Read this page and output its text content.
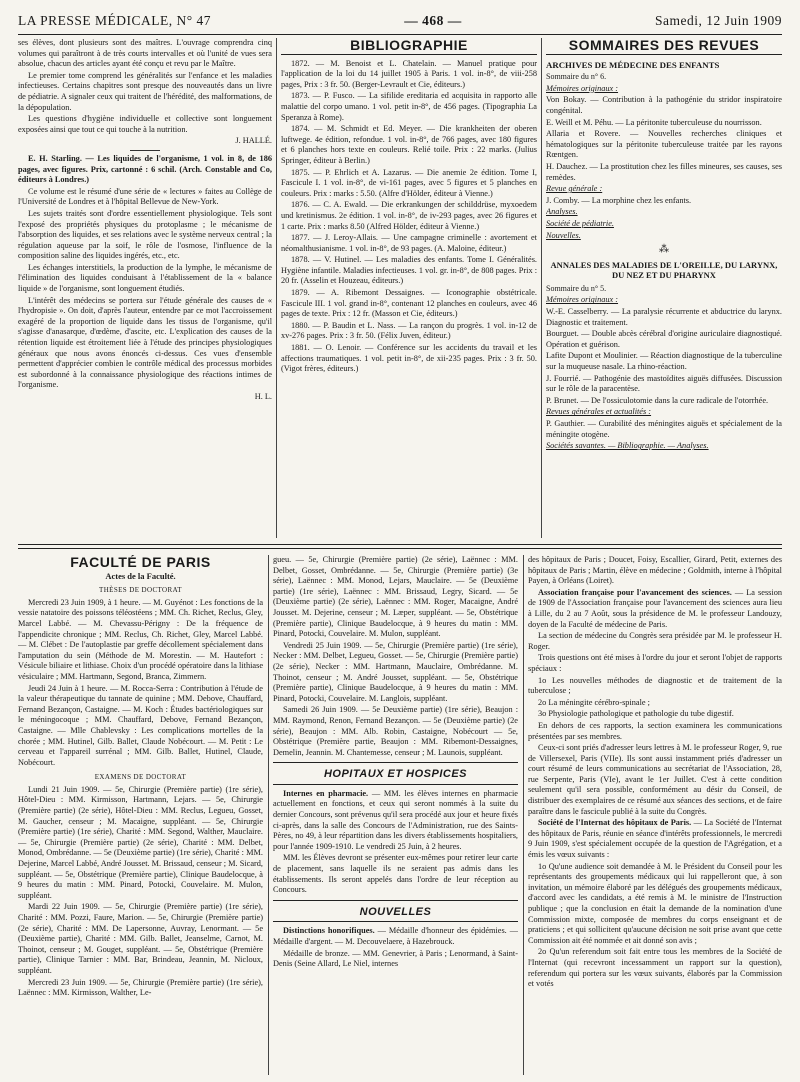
LA PRESSE MÉDICALE, N° 47	— 468 —	Samedi, 12 Juin 1909

ses élèves, dont plusieurs sont des maîtres. L'ouvrage comprendra cinq volumes qui paraîtront à de très courts intervalles et où l'unité de vues sera absolue, chacun des articles ayant été conçu et revu par le Maître.

Le premier tome comprend les généralités sur l'enfance et les maladies infectieuses. Certains chapitres sont presque des nouveautés dans un livre de pédiatrie. A signaler ceux qui traitent de l'hérédité, des malformations, de la dépopulation.

Les questions d'hygiène individuelle et collective sont longuement exposées ainsi que tout ce qui touche à la nutrition.

J. HALLÉ.

E. H. Starling. — Les liquides de l'organisme, 1 vol. in 8, de 186 pages, avec figures. Prix, cartonné : 6 schil. (Arch. Constable and Co, éditeurs à Londres.)

Ce volume est le résumé d'une série de « lectures » faites au Collège de l'Université de Londres et à l'hôpital Bellevue de New-York.

Les sujets traités sont d'ordre essentiellement physiologique. Tels sont l'exposé des propriétés physiques du protoplasme ; le mécanisme de l'absorption des liquides, et ses relations avec le système nerveux central ; la régulation aqueuse par la soif, le rôle de l'osmose, l'influence de la composition saline des liquides ingérés, etc., etc.

Les échanges interstitiels, la production de la lymphe, le mécanisme de l'élimination des liquides conduisant à l'établissement de la « balance liquide » de l'organisme, sont longuement étudiés.

L'intérêt des médecins se portera sur l'étude générale des causes de « l'hydropisie ». On doit, d'après l'auteur, entendre par ce mot l'accroissement exagéré de la proportion de liquide dans les tissus de l'organisme, qu'il s'agisse d'anasarque, d'œdème, d'ascite, etc. L'explication des causes de la rétention liquide est étroitement liée à l'étude des principes physiologiques généraux que nous avons énoncés ci-dessus. Ces vues d'ensemble permettent d'apprécier combien le contrôle médical des processus morbides est subordonné à la connaissance physiologique des réactions intimes de l'organisme.

H. L.

BIBLIOGRAPHIE

1872. — M. Benoist et L. Chatelain. — Manuel pratique pour l'application de la loi du 14 juillet 1905 à Paris. 1 vol. in-8°, de viii-258 pages, Prix : 3 fr. 50. (Berger-Levrault et Cie, éditeurs.)

1873. — P. Fusco. — La sifilide ereditaria ed acquisita in rapporto alle malattie del corpo umano. 1 vol. petit in-8°, de 456 pages. (Tipographia La Speranza à Rome).

1874. — M. Schmidt et Ed. Meyer. — Die krankheiten der oberen luftwege. 4e édition, refondue. 1 vol. in-8°, de 766 pages, avec 180 figures et 6 planches hors texte en couleurs. Relié toile. Prix : 22 marks. (Julius Springer, éditeur à Berlin.)

1875. — P. Ehrlich et A. Lazarus. — Die anemie 2e édition. Tome I, Fascicule I. 1 vol. in-8°, de vi-161 pages, avec 5 figures et 5 planches en couleurs. Prix : marks : 5.50. (Alfre d'Hölder, éditeur à Vienne.)

1876. — C. A. Ewald. — Die erkrankungen der schilddrüse, myxoedem und kretinismus. 2e édition. 1 vol. in-8°, de iv-293 pages, avec 26 figures et 1 carte. Prix : marks 8.50 (Alfred Hölder, éditeur à Vienne.)

1877. — J. Leroy-Allais. — Une campagne criminelle : avortement et néomalthusianisme. 1 vol. in-8°, de 93 pages. (A. Maloine, éditeur.)

1878. — V. Hutinel. — Les maladies des enfants. Tome I. Généralités. Hygiène infantile. Maladies infectieuses. 1 vol. gr. in-8°, de 808 pages. Prix : 20 fr. (Asselin et Houzeau, éditeurs.)

1879. — A. Ribemont Dessaignes. — Iconographie obstétricale. Fascicule III. 1 vol. grand in-8°, contenant 12 planches en couleurs, avec 46 pages de texte. Prix : 12 fr. (Masson et Cie, éditeurs.)

1880. — P. Baudin et L. Nass. — La rançon du progrès. 1 vol. in-12 de xv-276 pages. Prix : 3 fr. 50. (Félix Juven, éditeur.)

1881. — O. Lenoir. — Conférence sur les accidents du travail et les affections traumatiques. 1 vol. petit in-8°, de xii-235 pages. Prix : 3 fr. 50. (Vigot frères, éditeurs.)

SOMMAIRES DES REVUES
ARCHIVES DE MÉDECINE DES ENFANTS

Sommaire du n° 6.

Mémoires originaux :

Von Bokay. — Contribution à la pathogénie du stridor inspiratoire congénital.

E. Weill et M. Péhu. — La péritonite tuberculeuse du nourrisson.

Allaria et Rovere. — Nouvelles recherches cliniques et hématologiques sur la péritonite tuberculeuse traitée par les rayons Rœntgen.

H. Dauchez. — La prostitution chez les filles mineures, ses causes, ses remèdes.

Revue générale :

J. Comby. — La morphine chez les enfants.

Analyses.

Société de pédiatrie.

Nouvelles.

⁂
ANNALES DES MALADIES DE L'OREILLE, DU LARYNX, DU NEZ ET DU PHARYNX

Sommaire du n° 5.

Mémoires originaux :

W.-E. Casselberry. — La paralysie récurrente et abductrice du larynx. Diagnostic et traitement.

Bourguet. — Double abcès cérébral d'origine auriculaire diagnostiqué. Opération et guérison.

Lafite Dupont et Moulinier. — Réaction diagnostique de la tuberculine sur la muqueuse nasale. La rhino-réaction.

J. Fourrié. — Pathogénie des mastoïdites aiguës diffusées. Discussion sur le rôle de la paracentèse.

P. Brunet. — De l'ossiculotomie dans la cure radicale de l'otorrhée.

Revues générales et actualités :

P. Gauthier. — Curabilité des méningites aiguës et spécialement de la méningite otogène.

Sociétés savantes. — Bibliographie. — Analyses.

FACULTÉ DE PARIS
Actes de la Faculté.
THÈSES DE DOCTORAT

Mercredi 23 Juin 1909, à 1 heure. — M. Guyénot : Les fonctions de la vessie natatoire des poissons téléostéens ; MM. Ch. Richet, Reclus, Gley, Marcel Labbé. — M. Chevassu-Périgny : De la fréquence de l'appendicite chronique ; MM. Reclus, Ch. Richet, Gley, Marcel Labbé. — M. Clébet : De l'autoplastie par greffe décollement spécialement dans l'amputation du sein (Méthode de M. Morestin. — M. Hautefort : Vésicule biliaire et lithiase. Choix d'un procédé opératoire dans la lithiase vésiculaire ; MM. Hartmann, Segond, Branca, Zimmern.

Jeudi 24 Juin à 1 heure. — M. Rocca-Serra : Contribution à l'étude de la valeur thérapeutique du tannate de quinine ; MM. Debove, Chauffard, Fernand Bezançon, Castaigne. — M. Koch : Études bactériologiques sur le méningocoque ; MM. Chauffard, Debove, Fernand Bezançon, Castaigne. — Mlle Chablevsky : Les complications mortelles de la chorée ; MM. Hutinel, Gilb. Ballet, Claude Nobécourt. — M. Petit : Le cerveau et l'appareil surrénal ; MM. Gilb. Ballet, Hutinel, Claude, Nobécourt.

EXAMENS DE DOCTORAT

Lundi 21 Juin 1909. — 5e, Chirurgie (Première partie) (1re série), Hôtel-Dieu : MM. Kirmisson, Hartmann, Lejars. — 5e, Chirurgie (Première partie) (2e série), Hôtel-Dieu : MM. Reclus, Legueu, Gosset, M. Gaucher, censeur ; M. Macaigne, suppléant. — 5e, Chirurgie (Première partie) (1re série), Charité : MM. Segond, Walther, Mauclaire. — 5e, Chirurgie (Première partie) (2e série), Charité : MM. Delbet, Monod, Ombrédanne. — 5e (Deuxième partie) (1re série), Charité : MM. Dejerine, Marcel Labbé, André Jousset. M. Brissaud, censeur ; M. Sicard, suppléant. — 5e, Obstétrique (Première partie), Clinique Baudelocque, à 9 heures du matin : MM. Pinard, Potocki, Couvelaire. M. Mulon, suppléant.

Mardi 22 Juin 1909. — 5e, Chirurgie (Première partie) (1re série), Charité : MM. Pozzi, Faure, Marion. — 5e, Chirurgie (Première partie) (2e série), Charité : MM. De Lapersonne, Auvray, Lenormant. — 5e (Deuxième partie), Charité : MM. Gilb. Ballet, Jeanselme, Carnot, M. Thoinot, censeur ; M. Gouget, suppléant. — 5e, Obstétrique (Première partie), Clinique Tarnier : MM. Bar, Brindeau, Jeannin, M. Nicloux, suppléant.

Mercredi 23 Juin 1909. — 5e, Chirurgie (Première partie) (1re série), Laënnec : MM. Kirmisson, Walther, Le-

gueu. — 5e, Chirurgie (Première partie) (2e série), Laënnec : MM. Delbet, Gosset, Ombrédanne. — 5e, Chirurgie (Première partie) (3e série), Laënnec : MM. Monod, Lejars, Mauclaire. — 5e (Deuxième partie) (1re série), Laënnec : MM. Brissaud, Legry, Sicard. — 5e (Deuxième partie) (2e série), Laënnec : MM. Roger, Macaigne, André Jousset. M. Dejerine, censeur ; M. Læper, suppléant. — 5e, Obstétrique (Première partie), Clinique Baudelocque, à 9 heures du matin : MM. Pinard, Potocki, Couvelaire. M. Mulon, suppléant.

Vendredi 25 Juin 1909. — 5e, Chirurgie (Première partie) (1re série), Necker : MM. Delbet, Legueu, Gosset. — 5e, Chirurgie (Première partie) (2e série), Necker : MM. Hartmann, Mauclaire, Ombrédanne. M. Thoinot, censeur ; M. André Jousset, suppléant. — 5e, Obstétrique (Première partie), Clinique Baudelocque, à 9 heures du matin : MM. Pinard, Potocki, Couvelaire. M. Langlois, suppléant.

Samedi 26 Juin 1909. — 5e Deuxième partie) (1re série), Beaujon : MM. Raymond, Renon, Fernand Bezançon. — 5e (Deuxième partie) (2e série), Beaujon : MM. Alb. Robin, Castaigne, Nobécourt — 5e, Obstétrique (Première partie, Beaujon : MM. Ribemont-Dessaignes, Demelin, Jeannin. M. Chantemesse, censeur ; M. Launois, suppléant.

HOPITAUX ET HOSPICES

Internes en pharmacie. — MM. les élèves internes en pharmacie actuellement en fonctions, et ceux qui seront nommés à la suite du dernier Concours, sont prévenus qu'il sera procédé aux jour et heure fixés ci-après, dans la salle des Concours de l'Administration, rue des Saints-Pères, no 49, à leur répartition dans les divers établissements hospitaliers, pour l'année 1909-1910. Le vendredi 25 Juin, à 2 heures.

MM. les Élèves devront se présenter eux-mêmes pour retirer leur carte de placement, sans laquelle ils ne seraient pas admis dans les établissements. Ils seront appelés dans l'ordre de leur réception au Concours.

NOUVELLES

Distinctions honorifiques. — Médaille d'honneur des épidémies. — Médaille d'argent. — M. Decouvelaere, à Hazebrouck.

Médaille de bronze. — MM. Genevrier, à Paris ; Lenormand, à Saint-Denis (Seine Allard, Le Niel, internes

des hôpitaux de Paris ; Doucet, Foisy, Escallier, Girard, Petit, externes des hôpitaux de Paris ; Martin, élève en médecine ; Goldmith, interne à l'hôpital Payen, à Orléans (Loiret).

Association française pour l'avancement des sciences. — La session de 1909 de l'Association française pour l'avancement des sciences aura lieu à Lille, du 2 au 7 Août, sous la présidence de M. le professeur Landouzy, doyen de la Faculté de médecine de Paris.

La section de médecine du Congrès sera présidée par M. le professeur H. Roger.

Trois questions ont été mises à l'ordre du jour et seront l'objet de rapports spéciaux :

1o Les nouvelles méthodes de diagnostic et de traitement de la tuberculose ;

2o La méningite cérébro-spinale ;

3o Physiologie pathologique et pathologie du tube digestif.

En dehors de ces rapports, la section examinera les communications présentées par ses membres.

Ceux-ci sont priés d'adresser leurs lettres à M. le professeur Roger, 9, rue de Villersexel, Paris (VIIe). Ils sont aussi instamment priés d'adresser un court résumé de leurs communications au secrétariat de l'Association, 28, rue Serpente, Paris (VIe), avant le 1er Juillet. C'est à cette condition seulement qu'il sera possible, conformément au désir du Conseil, de distribuer des exemplaires de ce résumé aux séances des sections, et de faire paraître dans le fascicule publié à la suite du Congrès.

Société de l'Internat des hôpitaux de Paris. — La Société de l'Internat des hôpitaux de Paris, réunie en séance d'intérêts professionnels, le mercredi 9 Juin 1909, s'est spécialement occupée de la question de l'Agrégation, et a émis les vœux suivants :

1o Qu'une audience soit demandée à M. le Président du Conseil pour les représentants des groupements médicaux qui lui rappelleront que, à son invitation, un mémoire élaboré par les délégués des groupements médicaux, d'accord avec les candidats, a été remis à M. le ministre de l'Instruction publique ; que la conclusion en était la demande de la nomination d'une Commission mixte, composée de membres du corps enseignant et de praticiens ; et qui sollicitent qu'aucune décision ne soit prise avant que cette Commission ait été nommée et ait donné son avis ;

2o Qu'un referendum soit fait entre tous les membres de la Société de l'Internat (qui recevront incessamment un rapport sur la question), referendum qui portera sur les vœux suivants, élaborés par la Commission et votés
